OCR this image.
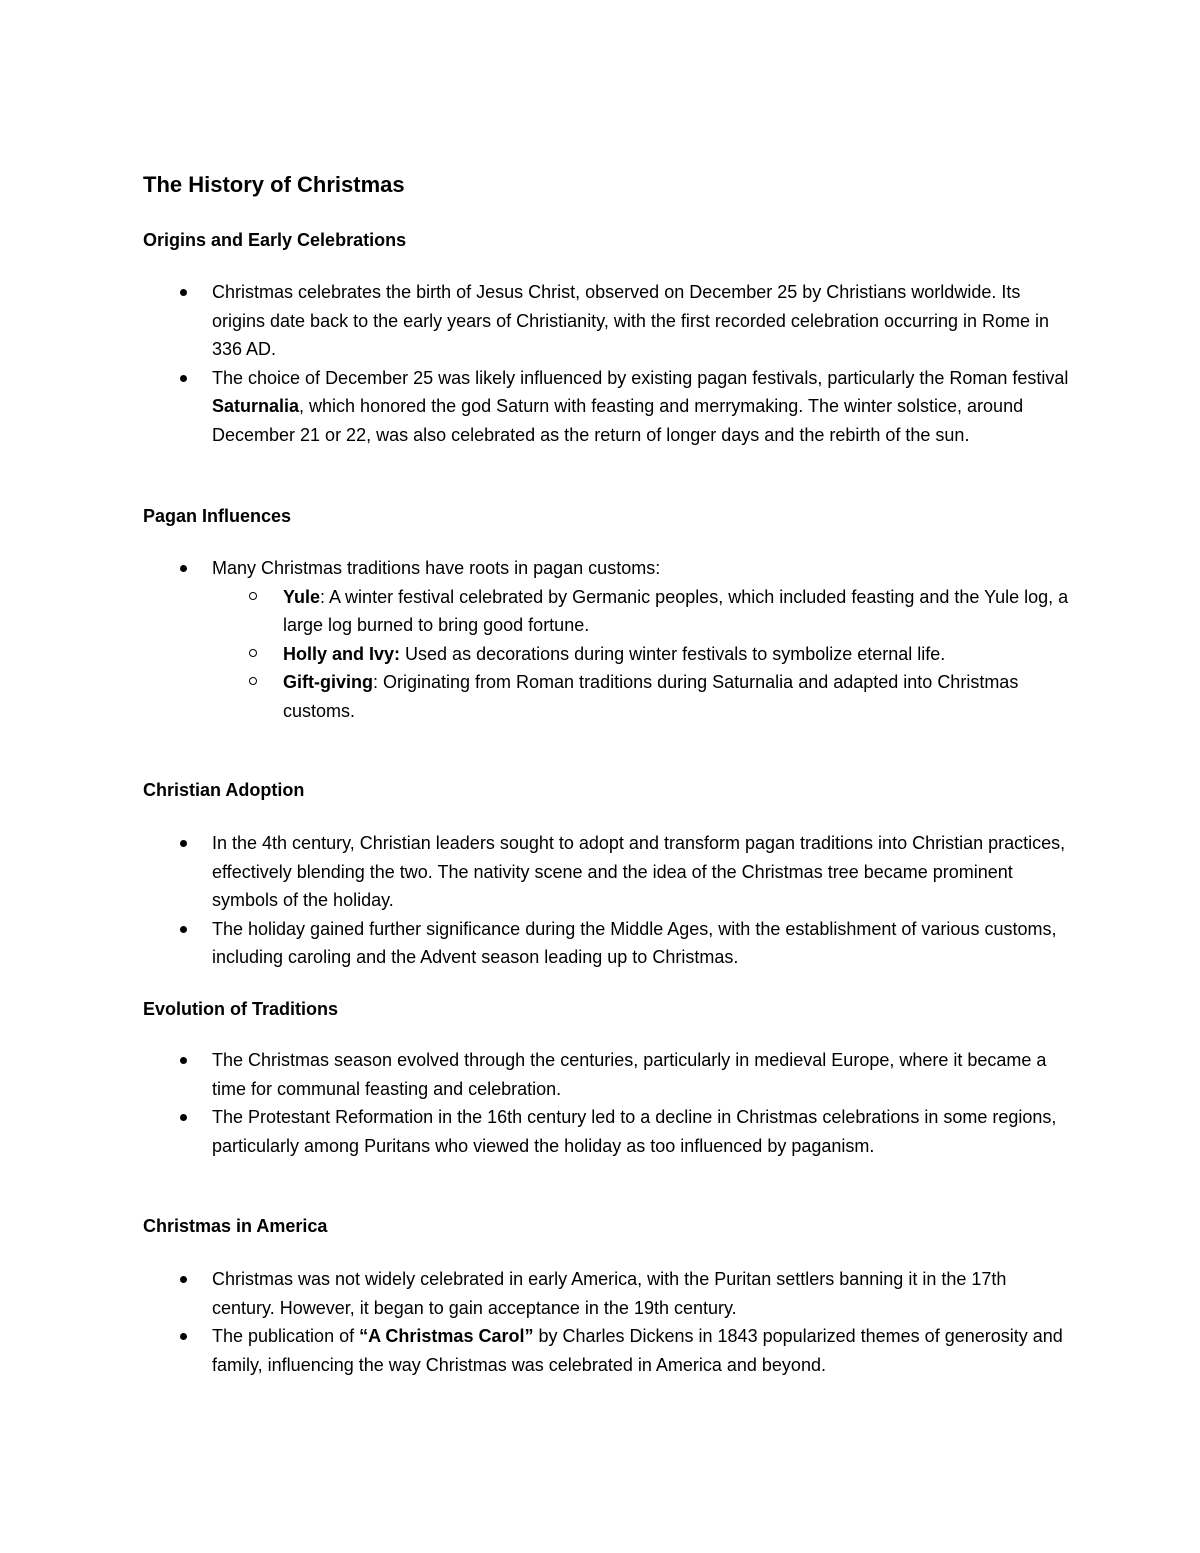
The History of Christmas
Origins and Early Celebrations
Christmas celebrates the birth of Jesus Christ, observed on December 25 by Christians worldwide. Its origins date back to the early years of Christianity, with the first recorded celebration occurring in Rome in 336 AD.
The choice of December 25 was likely influenced by existing pagan festivals, particularly the Roman festival Saturnalia, which honored the god Saturn with feasting and merrymaking. The winter solstice, around December 21 or 22, was also celebrated as the return of longer days and the rebirth of the sun.
Pagan Influences
Many Christmas traditions have roots in pagan customs:
Yule: A winter festival celebrated by Germanic peoples, which included feasting and the Yule log, a large log burned to bring good fortune.
Holly and Ivy: Used as decorations during winter festivals to symbolize eternal life.
Gift-giving: Originating from Roman traditions during Saturnalia and adapted into Christmas customs.
Christian Adoption
In the 4th century, Christian leaders sought to adopt and transform pagan traditions into Christian practices, effectively blending the two. The nativity scene and the idea of the Christmas tree became prominent symbols of the holiday.
The holiday gained further significance during the Middle Ages, with the establishment of various customs, including caroling and the Advent season leading up to Christmas.
Evolution of Traditions
The Christmas season evolved through the centuries, particularly in medieval Europe, where it became a time for communal feasting and celebration.
The Protestant Reformation in the 16th century led to a decline in Christmas celebrations in some regions, particularly among Puritans who viewed the holiday as too influenced by paganism.
Christmas in America
Christmas was not widely celebrated in early America, with the Puritan settlers banning it in the 17th century. However, it began to gain acceptance in the 19th century.
The publication of “A Christmas Carol” by Charles Dickens in 1843 popularized themes of generosity and family, influencing the way Christmas was celebrated in America and beyond.
